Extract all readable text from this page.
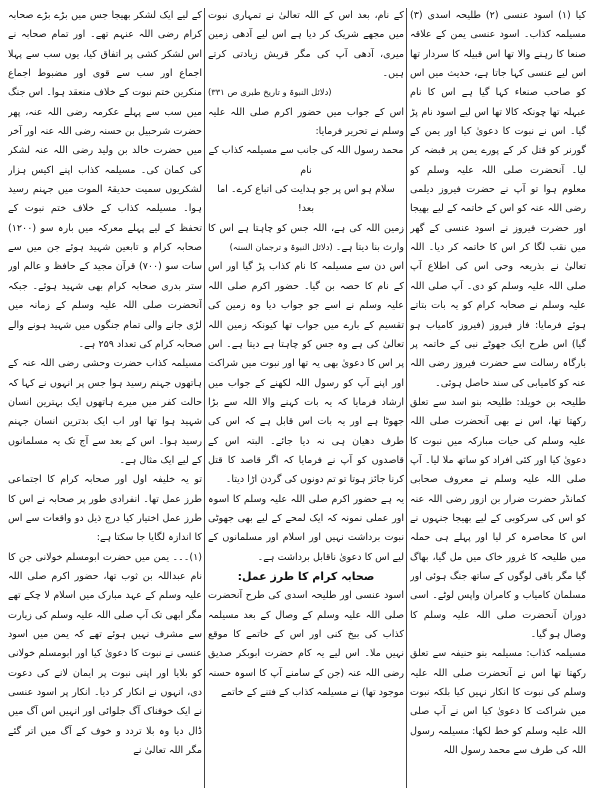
کیا (۱) اسود عنسی (۲) طلیحہ اسدی (۳) مسیلمہ کذاب۔ اسود عنسی یمن کے علاقہ صنعا کا رہنے والا تھا اس قبیلہ کا سردار تھا اس لیے عنسی کہا جاتا ہے، حدیث میں اس کو صاحب صنعاء کہا گیا ہے اس کا نام عبہلہ تھا چونکہ کالا تھا اس لیے اسود نام پڑ گیا۔ اس نے نبوت کا دعویٰ کیا اور یمن کے گورنر کو قتل کر کے پورے یمن پر قبضہ کر لیا۔ آنحضرت صلی اللہ علیہ وسلم کو معلوم ہوا تو آپ نے حضرت فیروز دیلمی رضی اللہ عنہ کو اس کے خاتمہ کے لیے بھیجا اور حضرت فیروز نے اسود عنسی کے گھر میں نقب لگا کر اس کا خاتمہ کر دیا۔ اللہ تعالیٰ نے بذریعہ وحی اس کی اطلاع آپ صلی اللہ علیہ وسلم کو دی۔ آپ صلی اللہ علیہ وسلم نے صحابہ کرام کو یہ بات بتاتے ہوئے فرمایا: فاز فیروز (فیروز کامیاب ہو گیا) اس طرح ایک جھوٹے نبی کے خاتمہ پر بارگاہ رسالت سے حضرت فیروز رضی اللہ عنہ کو کامیابی کی سند حاصل ہوئی۔

طلیحہ بن خویلد: طلیحہ بنو اسد سے تعلق رکھتا تھا، اس نے بھی آنحضرت صلی اللہ علیہ وسلم کی حیات مبارکہ میں نبوت کا دعویٰ کیا اور کئی افراد کو ساتھ ملا لیا۔ آپ صلی اللہ علیہ وسلم نے معروف صحابی کمانڈر حضرت ضرار بن ازور رضی اللہ عنہ کو اس کی سرکوبی کے لیے بھیجا جنہوں نے اس کا محاصرہ کر لیا اور پہلے ہی حملہ میں طلیحہ کا غرور خاک میں مل گیا، بھاگ گیا مگر باقی لوگوں کے ساتھ جنگ ہوئی اور مسلمان کامیاب و کامران واپس لوٹے۔ اسی دوران آنحضرت صلی اللہ علیہ وسلم کا وصال ہو گیا۔

مسیلمہ کذاب: مسیلمہ بنو حنیفہ سے تعلق رکھتا تھا اس نے آنحضرت صلی اللہ علیہ وسلم کی نبوت کا انکار نہیں کیا بلکہ نبوت میں شراکت کا دعویٰ کیا اس نے آپ صلی اللہ علیہ وسلم کو خط لکھا: مسیلمہ رسول اللہ کی طرف سے محمد رسول اللہ

کے نام، بعد اس کے اللہ تعالیٰ نے تمہاری نبوت میں مجھے شریک کر دیا ہے اس لیے آدھی زمین میری، آدھی آپ کی مگر قریش زیادتی کرتے ہیں۔

(دلائل النبوۃ و تاریخ طبری ص ۳۳۱)

اس کے جواب میں حضور اکرم صلی اللہ علیہ وسلم نے تحریر فرمایا:

محمد رسول اللہ کی جانب سے مسیلمہ کذاب کے نام

سلام ہو اس پر جو ہدایت کی اتباع کرے۔ اما بعد!

زمین اللہ کی ہے، اللہ جس کو چاہتا ہے اس کا وارث بنا دیتا ہے۔ (دلائل النبوۃ و ترجمان السنہ)

اس دن سے مسیلمہ کا نام کذاب پڑ گیا اور اس کے نام کا حصہ بن گیا۔ حضور اکرم صلی اللہ علیہ وسلم نے اسے جو جواب دیا وہ زمین کی تقسیم کے بارے میں جواب تھا کیونکہ زمین اللہ تعالیٰ کی ہے وہ جس کو چاہتا ہے دیتا ہے۔ اس پر اس کا دعویٰ بھی یہ تھا اور نبوت میں شراکت اور اپنے آپ کو رسول اللہ لکھنے کے جواب میں ارشاد فرمایا کہ یہ بات کہنے والا اللہ سے بڑا جھوٹا ہے اور یہ بات اس قابل ہے کہ اس کی طرف دھیان ہی نہ دیا جائے۔ البتہ اس کے قاصدوں کو آپ نے فرمایا کہ اگر قاصد کا قتل کرنا جائز ہوتا تو تم دونوں کی گردن اڑا دیتا۔

یہ ہے حضور اکرم صلی اللہ علیہ وسلم کا اسوہ اور عملی نمونہ کہ ایک لمحے کے لیے بھی جھوٹی نبوت برداشت نہیں اور اسلام اور مسلمانوں کے لیے اس کا دعویٰ ناقابل برداشت ہے۔

صحابہ کرام کا طرز عمل:

اسود عنسی اور طلیحہ اسدی کی طرح آنحضرت صلی اللہ علیہ وسلم کے وصال کے بعد مسیلمہ کذاب کی بیخ کنی اور اس کے خاتمے کا موقع نہیں ملا۔ اس لیے یہ کام حضرت ابوبکر صدیق رضی اللہ عنہ (جن کے سامنے آپ کا اسوہ حسنہ موجود تھا) نے مسیلمہ کذاب کے فتنے کے خاتمے

کے لیے ایک لشکر بھیجا جس میں بڑے بڑے صحابہ کرام رضی اللہ عنہم تھے۔ اور تمام صحابہ نے اس لشکر کشی پر اتفاق کیا، یوں سب سے پہلا اجماع اور سب سے قوی اور مضبوط اجماع منکرین ختم نبوت کے خلاف منعقد ہوا۔ اس جنگ میں سب سے پہلے عکرمہ رضی اللہ عنہ، پھر حضرت شرحبیل بن حسنہ رضی اللہ عنہ اور آخر میں حضرت خالد بن ولید رضی اللہ عنہ لشکر کی کمان کی۔ مسیلمہ کذاب اپنے اکیس ہزار لشکریوں سمیت حدیقۃ الموت میں جہنم رسید ہوا۔ مسیلمہ کذاب کے خلاف ختم نبوت کے تحفظ کے لیے پہلے معرکہ میں بارہ سو (۱۲۰۰) صحابہ کرام و تابعین شہید ہوئے جن میں سے سات سو (۷۰۰) قرآن مجید کے حافظ و عالم اور ستر بدری صحابہ کرام بھی شہید ہوئے۔ جبکہ آنحضرت صلی اللہ علیہ وسلم کے زمانہ میں لڑی جانے والی تمام جنگوں میں شہید ہونے والے صحابہ کرام کی تعداد ۲۵۹ ہے۔

مسیلمہ کذاب حضرت وحشی رضی اللہ عنہ کے ہاتھوں جہنم رسید ہوا جس پر انہوں نے کہا کہ حالت کفر میں میرے ہاتھوں ایک بہترین انسان شہید ہوا تھا اور اب ایک بدترین انسان جہنم رسید ہوا۔ اس کے بعد سے آج تک یہ مسلمانوں کے لیے ایک مثال ہے۔

تو یہ خلیفہ اول اور صحابہ کرام کا اجتماعی طرز عمل تھا۔ انفرادی طور پر صحابہ نے اس کا طرز عمل اختیار کیا درج ذیل دو واقعات سے اس کا اندازہ لگایا جا سکتا ہے:

(۱)۔۔۔ یمن میں حضرت ابومسلم خولانی جن کا نام عبداللہ بن ثوب تھا، حضور اکرم صلی اللہ علیہ وسلم کے عہد مبارک میں اسلام لا چکے تھے مگر ابھی تک آپ صلی اللہ علیہ وسلم کی زیارت سے مشرف نہیں ہوئے تھے کہ یمن میں اسود عنسی نے نبوت کا دعویٰ کیا اور ابومسلم خولانی کو بلایا اور اپنی نبوت پر ایمان لانے کی دعوت دی، انہوں نے انکار کر دیا۔ انکار پر اسود عنسی نے ایک خوفناک آگ جلوائی اور انہیں اس آگ میں ڈال دیا وہ بلا تردد و خوف کے آگ میں اتر گئے مگر اللہ تعالیٰ نے
